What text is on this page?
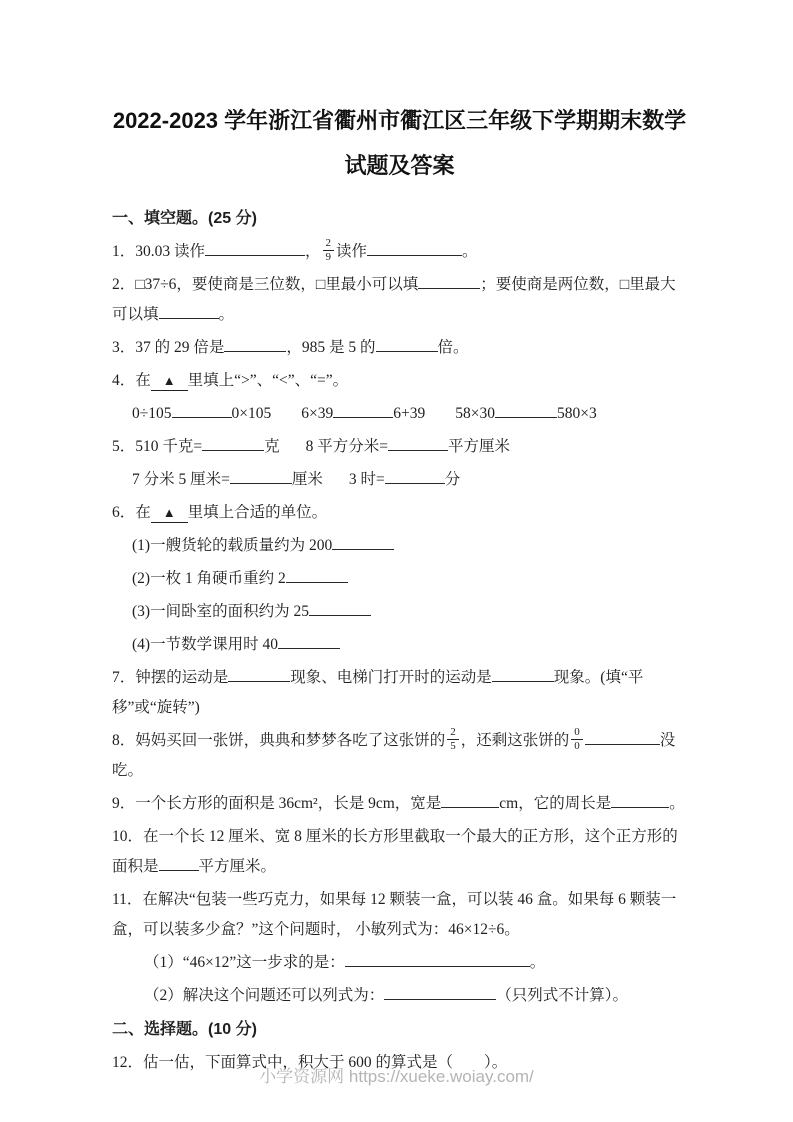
2022-2023 学年浙江省衢州市衢江区三年级下学期期末数学
试题及答案

一、填空题。(25 分)

1．30.03 读作	， $\frac{2}{9}$ 读作	。

2．□37÷6，要使商是三位数，□里最小可以填	；要使商是两位数，□里最大可以填	。

3．37 的 29 倍是	，985 是 5 的	倍。

4．在 ▲ 里填上“>”、“<”、“=”。

0÷105	0×105 6×39	6+39 58×30	580×3

5．510 千克=	克 8 平方分米=	平方厘米

7 分米 5 厘米=	厘米 3 时=	分

6．在 ▲ 里填上合适的单位。

(1)一艘货轮的载质量约为 200

(2)一枚 1 角硬币重约 2

(3)一间卧室的面积约为 25

(4)一节数学课用时 40

7．钟摆的运动是	现象、电梯门打开时的运动是	现象。(填“平移”或“旋转”)

8．妈妈买回一张饼，典典和梦梦各吃了这张饼的 $\frac{2}{5}$ ，还剩这张饼的 $\frac{0}{0}$	没吃。

9．一个长方形的面积是 36cm²，长是 9cm，宽是	cm，它的周长是	。

10．在一个长 12 厘米、宽 8 厘米的长方形里截取一个最大的正方形，这个正方形的面积是	平方厘米。

11．在解决“包装一些巧克力，如果每 12 颗装一盒，可以装 46 盒。如果每 6 颗装一盒，可以装多少盒？”这个问题时， 小敏列式为：46×12÷6。

（1）“46×12”这一步求的是：	。

（2）解决这个问题还可以列式为：	（只列式不计算）。

二、选择题。(10 分)

12．估一估，下面算式中，积大于 600 的算式是（　　）。

小学资源网 https://xueke.woiay.com/
